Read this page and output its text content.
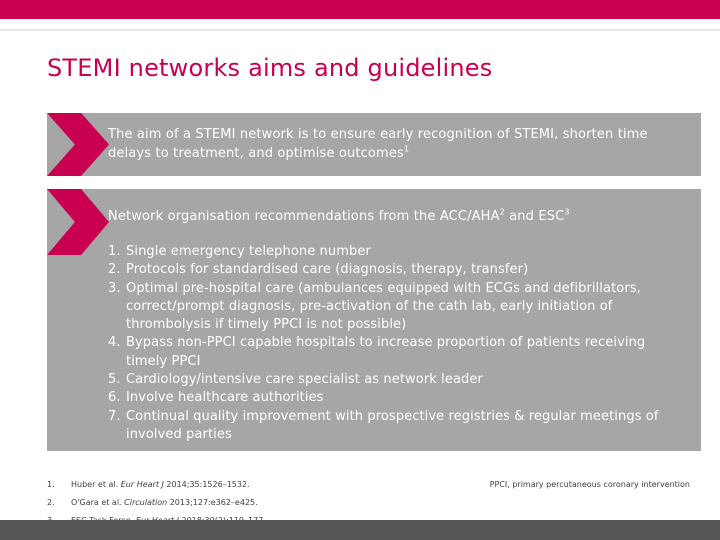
STEMI networks aims and guidelines

The aim of a STEMI network is to ensure early recognition of STEMI, shorten time delays to treatment, and optimise outcomes$^1$

Network organisation recommendations from the ACC/AHA$^2$ and ESC$^3$

1. Single emergency telephone number
2. Protocols for standardised care (diagnosis, therapy, transfer)
3. Optimal pre-hospital care (ambulances equipped with ECGs and defibrillators, correct/prompt diagnosis, pre-activation of the cath lab, early initiation of thrombolysis if timely PPCI is not possible)
4. Bypass non-PPCI capable hospitals to increase proportion of patients receiving timely PPCI
5. Cardiology/intensive care specialist as network leader
6. Involve healthcare authorities
7. Continual quality improvement with prospective registries & regular meetings of involved parties
1. Huber et al. Eur Heart J 2014;35:1526–1532.
2. O'Gara et al. Circulation 2013;127:e362–e425.
PPCI, primary percutaneous coronary intervention
